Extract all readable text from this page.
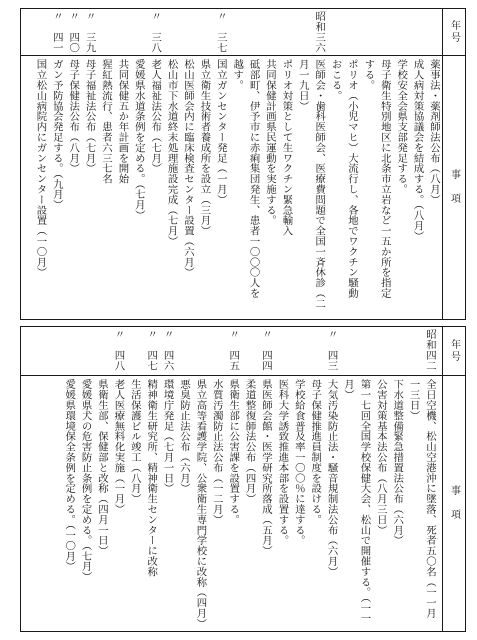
年号
事　項
薬事法・薬剤師法公布（八月）
成人病対策協議会を結成する。（八月）
学校安全会県支部発足する。
母子衛生特別地区に北条市立岩など一五か所を指定
する。
ポリオ（小児マヒ）大流行し、各地でワクチン騒動
おこる。
医師会・歯科医師会、医療費問題で全国一斉休診（二
月一九日）
ポリオ対策として生ワクチン緊急輸入
共同保健計画県民運動を実施する。
砥部町、伊予市に赤痢集団発生、患者一〇〇〇人を
越す。
国立ガンセンター発足（一月）
県立衛生技術者養成所を設立（三月）
松山医師会内に臨床検査センター設置（六月）
松山市下水道終末処理施設完成（七月）
老人福祉法公布（七月）
愛媛県水道条例を定める。（七月）
共同保健五か年計画を開始
猩紅熱流行、患者六三七名
母子福祉法公布（七月）
母子保健法公布（八月）
ガン予防協会発足する。（九月）
国立松山病院内にガンセンター設置（一〇月）
昭和三六
〃　三七
〃　三八
〃　三九
〃　四〇
〃　四一
年号
事　項
全日空機、松山空港沖に墜落、死者五〇名（一一月
一三日）
下水道整備緊急措置法公布（六月）
公害対策基本法公布（八月三日）
第一七回全国学校保健大会、松山で開催する。（一一
月）
大気汚染防止法・騒音規制法公布（六月）
母子保健推進員制度を設ける。
学校給食普及率一〇〇％に達する。
医科大学誘致推進本部を設置する。
県医師会館・医学研究所落成（五月）
柔道整復師法公布（四月）
県衛生部に公害課を設置する。
水質汚濁防止法公布（一二月）
県立高等看護学院、公衆衛生専門学校に改称（四月）
悪臭防止法公布（六月）
環境庁発足（七月一日）
精神衛生研究所、精神衛生センターに改称
生活保護ビル竣工（八月）
老人医療無料化実施（一月）
県衛生部、保健部と改称（四月一日）
愛媛県犬の危害防止条例を定める。（七月）
愛媛県環境保全条例を定める。（一〇月）
昭和四二
〃　四三
〃　四四
〃　四五
〃　四六
〃　四七
〃　四八
